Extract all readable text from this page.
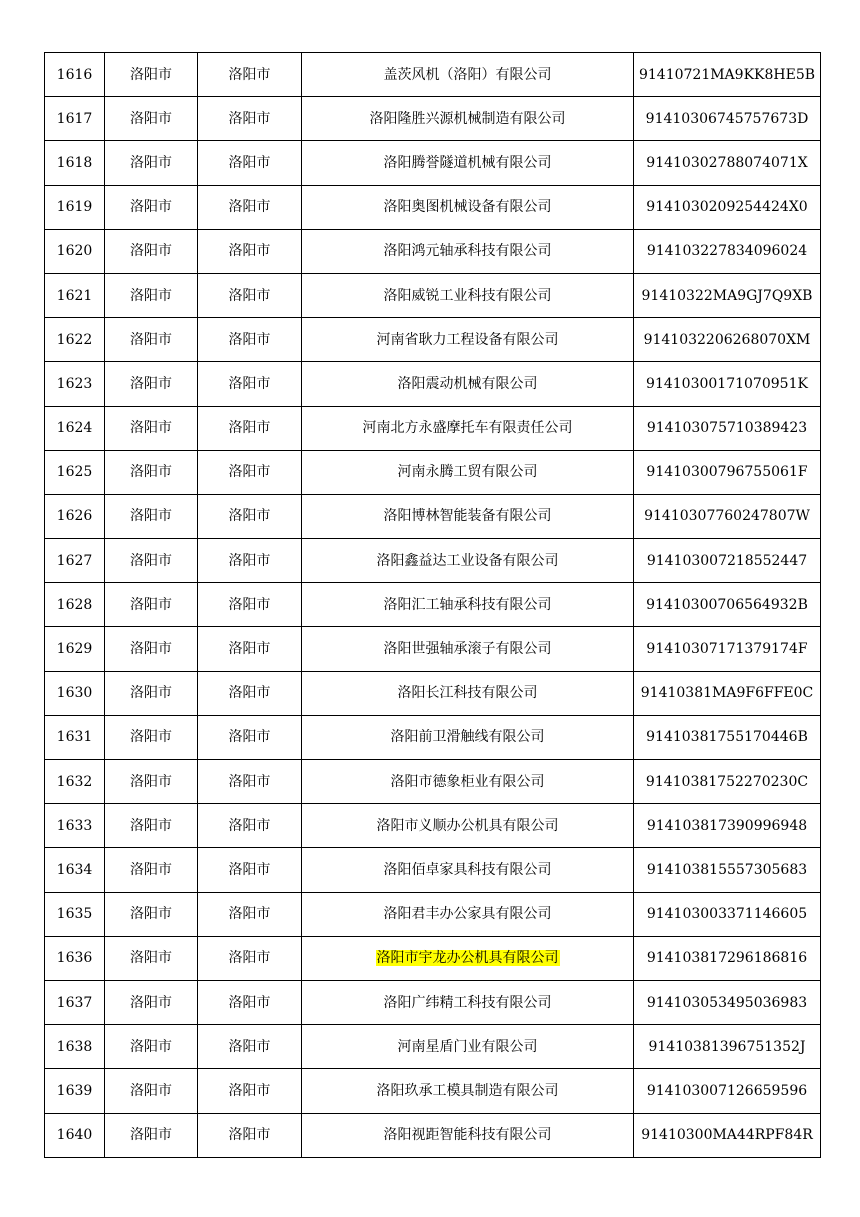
1616	洛阳市	洛阳市	盖茨风机（洛阳）有限公司	91410721MA9KK8HE5B
1617	洛阳市	洛阳市	洛阳隆胜兴源机械制造有限公司	91410306745757673D
1618	洛阳市	洛阳市	洛阳腾誉隧道机械有限公司	91410302788074071X
1619	洛阳市	洛阳市	洛阳奥图机械设备有限公司	9141030209254424X0
1620	洛阳市	洛阳市	洛阳鸿元轴承科技有限公司	914103227834096024
1621	洛阳市	洛阳市	洛阳威锐工业科技有限公司	91410322MA9GJ7Q9XB
1622	洛阳市	洛阳市	河南省耿力工程设备有限公司	9141032206268070XM
1623	洛阳市	洛阳市	洛阳震动机械有限公司	91410300171070951K
1624	洛阳市	洛阳市	河南北方永盛摩托车有限责任公司	914103075710389423
1625	洛阳市	洛阳市	河南永腾工贸有限公司	91410300796755061F
1626	洛阳市	洛阳市	洛阳博林智能装备有限公司	91410307760247807W
1627	洛阳市	洛阳市	洛阳鑫益达工业设备有限公司	914103007218552447
1628	洛阳市	洛阳市	洛阳汇工轴承科技有限公司	91410300706564932B
1629	洛阳市	洛阳市	洛阳世强轴承滚子有限公司	91410307171379174F
1630	洛阳市	洛阳市	洛阳长江科技有限公司	91410381MA9F6FFE0C
1631	洛阳市	洛阳市	洛阳前卫滑触线有限公司	91410381755170446B
1632	洛阳市	洛阳市	洛阳市德象柜业有限公司	91410381752270230C
1633	洛阳市	洛阳市	洛阳市义顺办公机具有限公司	914103817390996948
1634	洛阳市	洛阳市	洛阳佰卓家具科技有限公司	914103815557305683
1635	洛阳市	洛阳市	洛阳君丰办公家具有限公司	914103003371146605
1636	洛阳市	洛阳市	洛阳市宇龙办公机具有限公司	914103817296186816
1637	洛阳市	洛阳市	洛阳广纬精工科技有限公司	914103053495036983
1638	洛阳市	洛阳市	河南星盾门业有限公司	91410381396751352J
1639	洛阳市	洛阳市	洛阳玖承工模具制造有限公司	914103007126659596
1640	洛阳市	洛阳市	洛阳视距智能科技有限公司	91410300MA44RPF84R
